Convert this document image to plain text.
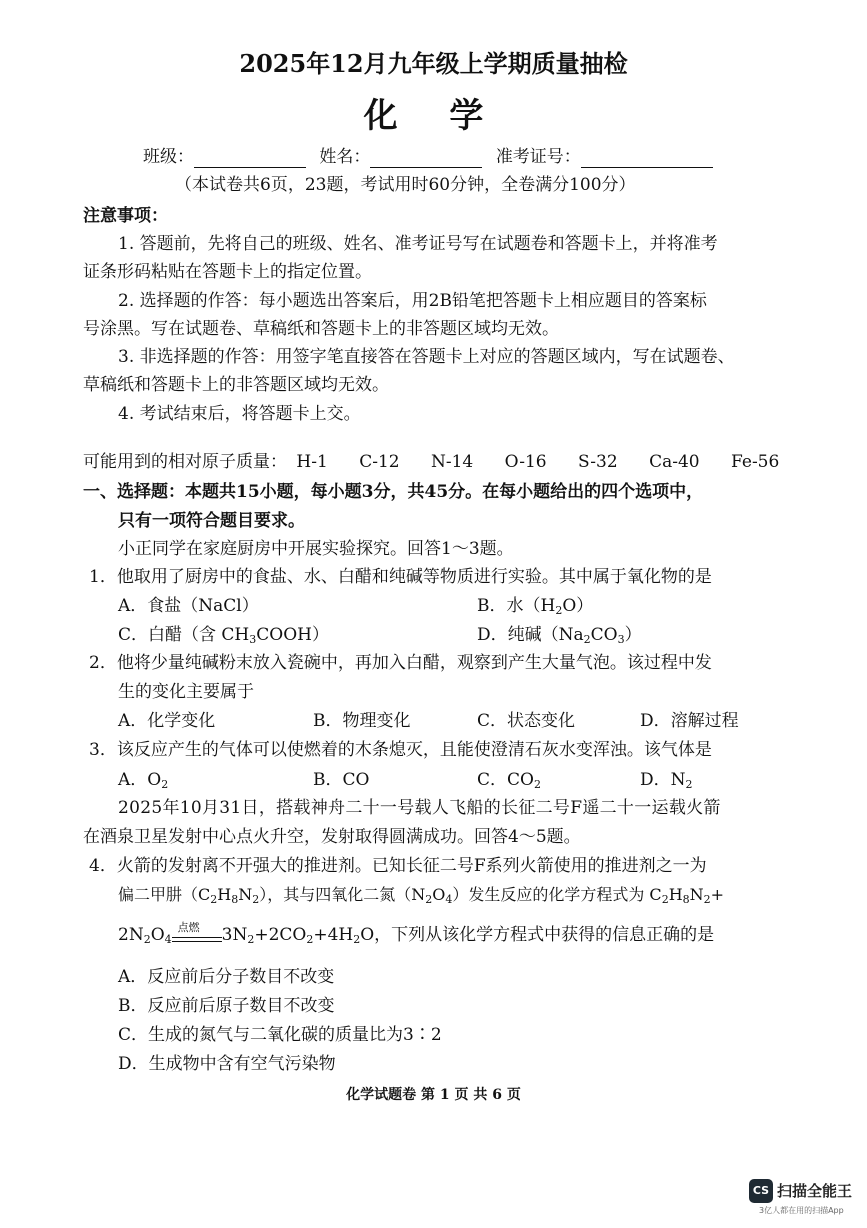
2025年12月九年级上学期质量抽检
化 学
班级：	姓名：	准考证号：
（本试卷共6页，23题，考试用时60分钟，全卷满分100分）
注意事项：
1. 答题前，先将自己的班级、姓名、准考证号写在试题卷和答题卡上，并将准考
证条形码粘贴在答题卡上的指定位置。
2. 选择题的作答：每小题选出答案后，用2B铅笔把答题卡上相应题目的答案标
号涂黑。写在试题卷、草稿纸和答题卡上的非答题区域均无效。
3. 非选择题的作答：用签字笔直接答在答题卡上对应的答题区域内，写在试题卷、
草稿纸和答题卡上的非答题区域均无效。
4. 考试结束后，将答题卡上交。
可能用到的相对原子质量： H-1 C-12 N-14 O-16 S-32 Ca-40 Fe-56
一、选择题：本题共15小题，每小题3分，共45分。在每小题给出的四个选项中，
只有一项符合题目要求。
小正同学在家庭厨房中开展实验探究。回答1～3题。
1．他取用了厨房中的食盐、水、白醋和纯碱等物质进行实验。其中属于氧化物的是
A．食盐（NaCl）	B．水$(H_2O)$
C．白醋（含 $CH_3COOH$）	D．纯碱$(Na_2CO_3)$
2．他将少量纯碱粉末放入瓷碗中，再加入白醋，观察到产生大量气泡。该过程中发
生的变化主要属于
A．化学变化	B．物理变化	C．状态变化	D．溶解过程
3．该反应产生的气体可以使燃着的木条熄灭，且能使澄清石灰水变浑浊。该气体是
A．$O_2$	B．CO	C．$CO_2$	D．$N_2$
2025年10月31日，搭载神舟二十一号载人飞船的长征二号F遥二十一运载火箭
在酒泉卫星发射中心点火升空，发射取得圆满成功。回答4～5题。
4．火箭的发射离不开强大的推进剂。已知长征二号F系列火箭使用的推进剂之一为
偏二甲肼$(C_2H_8N_2)$，其与四氧化二氮$(N_2O_4)$发生反应的化学方程式为 $C_2H_8N_2+$
$2N_2O_4$
点燃 $3N_2+2CO_2+4H_2O$，下列从该化学方程式中获得的信息正确的是
A．反应前后分子数目不改变
B．反应前后原子数目不改变
C．生成的氮气与二氧化碳的质量比为3∶2
D．生成物中含有空气污染物
化学试题卷 第 1 页 共 6 页
CS 扫描全能王
3亿人都在用的扫描App
